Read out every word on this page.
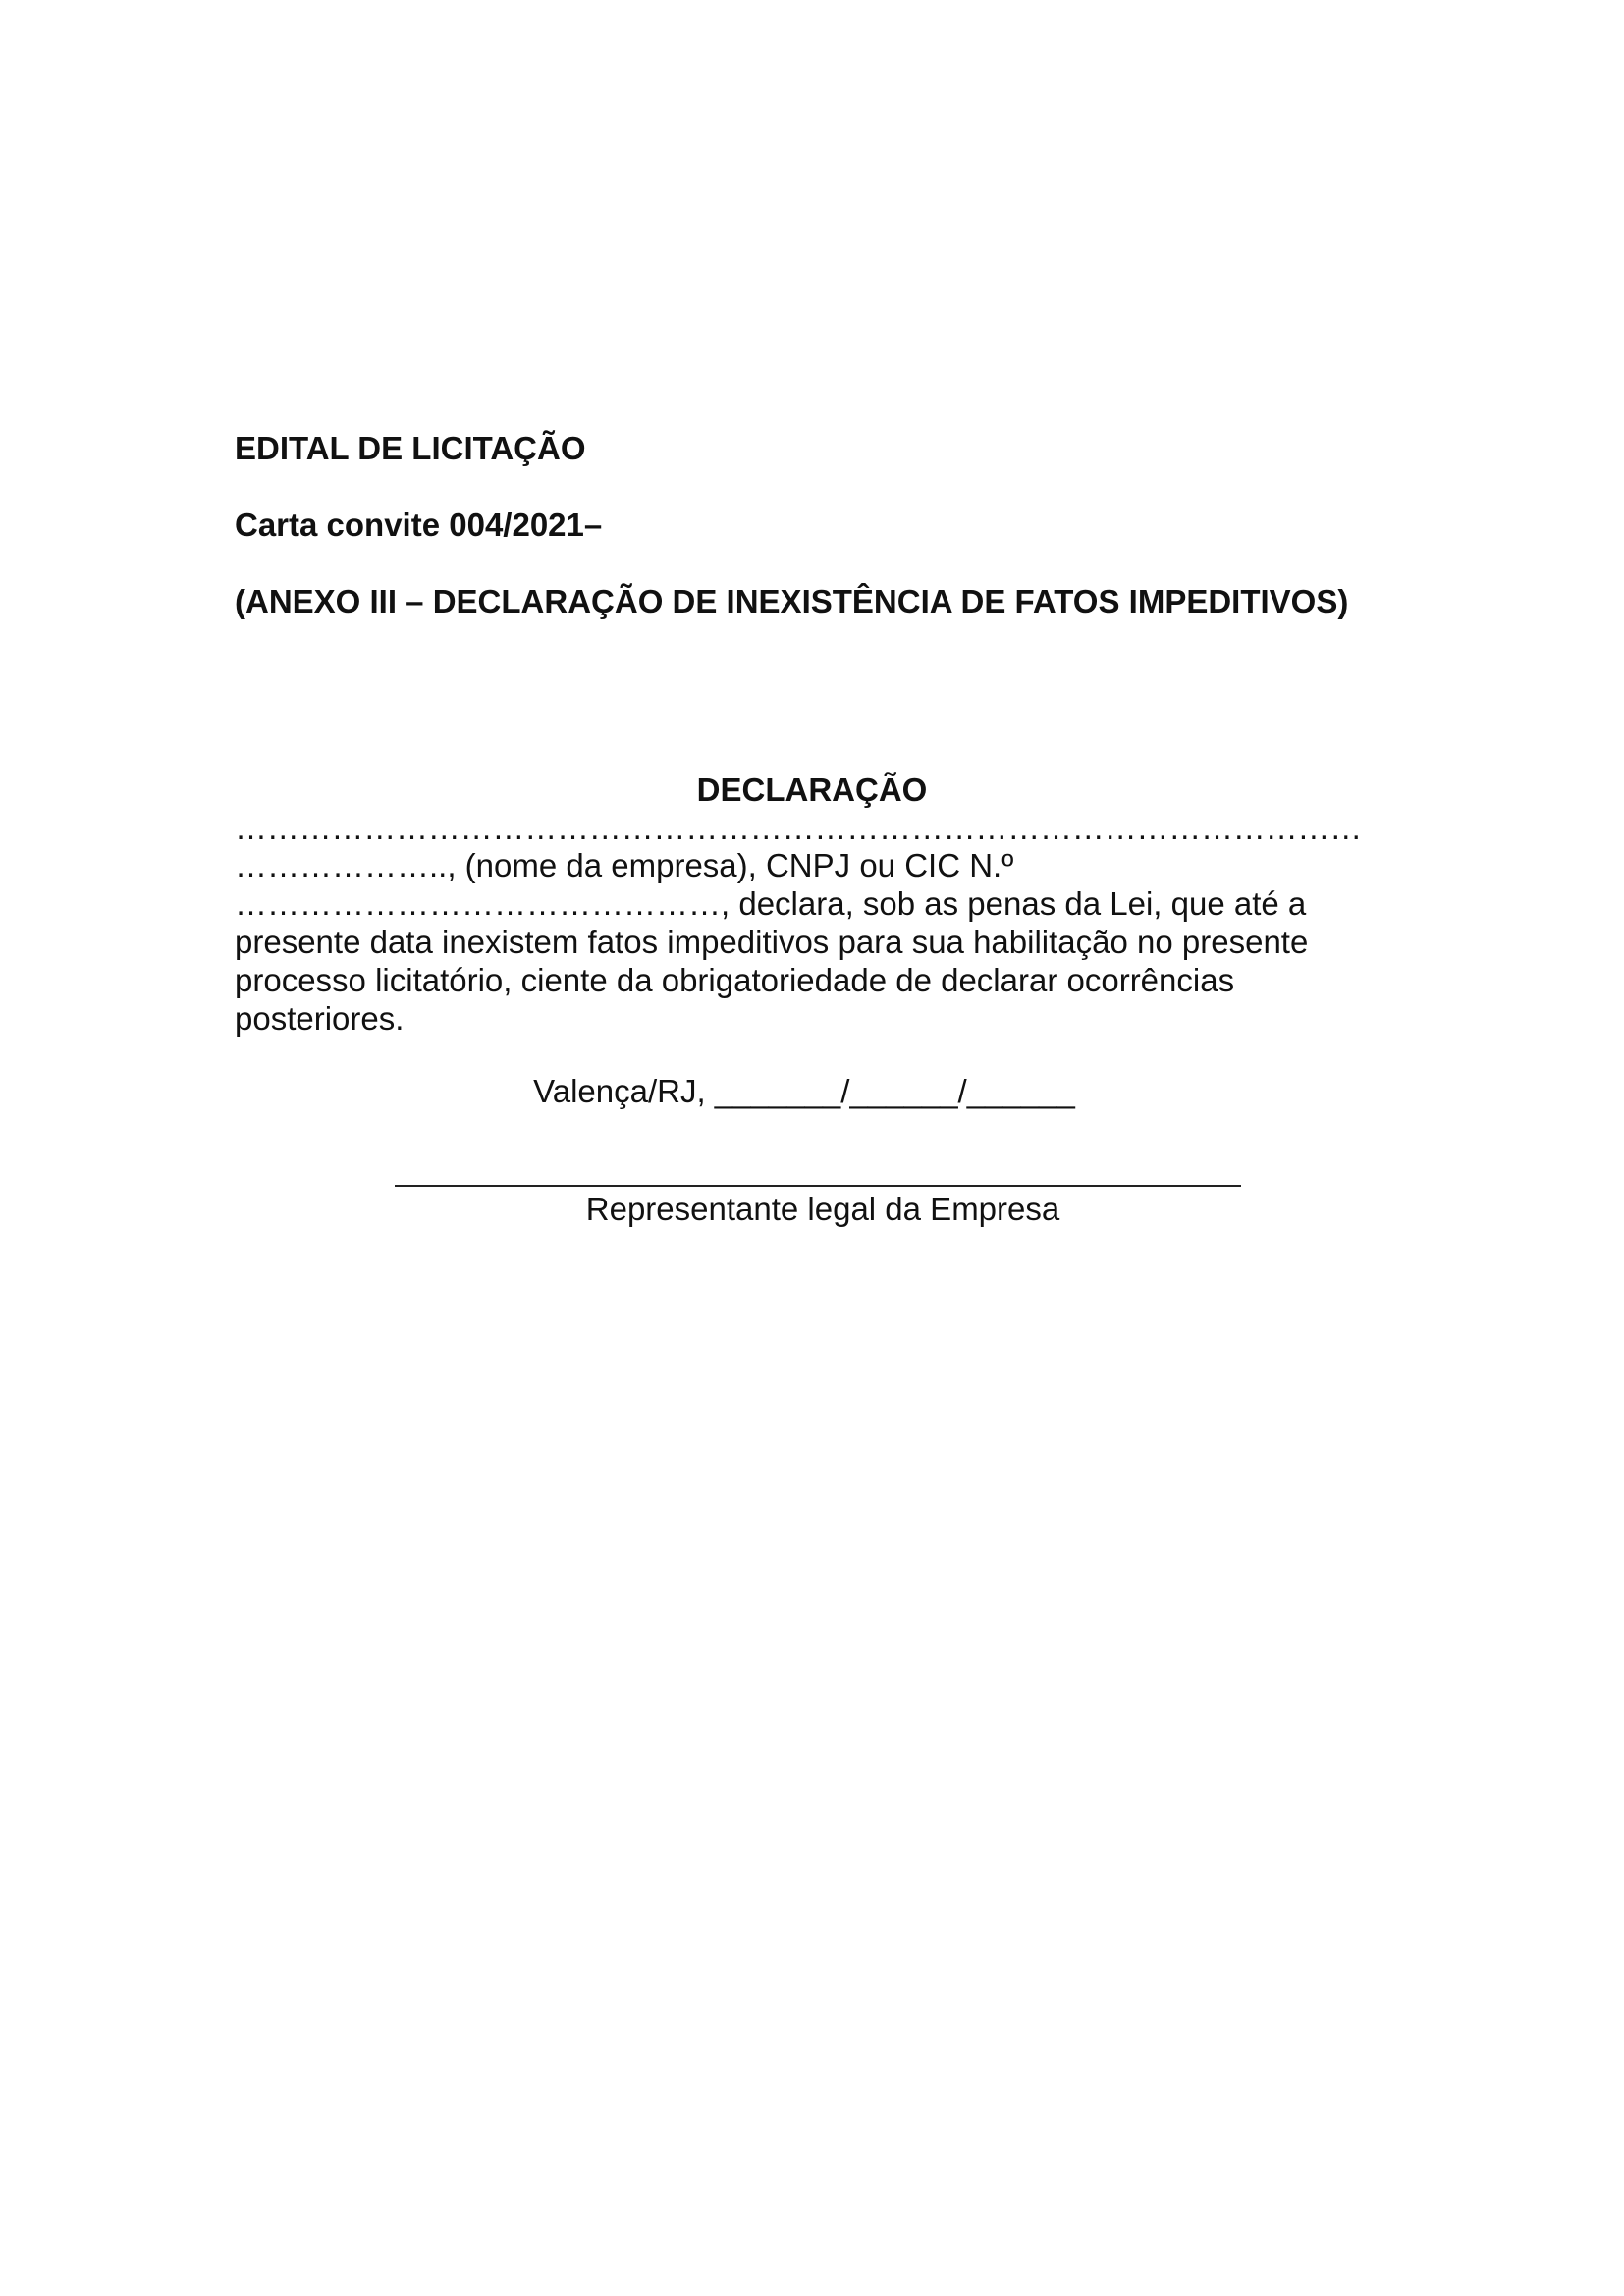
EDITAL DE LICITAÇÃO

Carta convite 004/2021–

(ANEXO III – DECLARAÇÃO DE INEXISTÊNCIA DE FATOS IMPEDITIVOS)

DECLARAÇÃO

……………………………………………………………………………………………

……………….., (nome da empresa), CNPJ ou CIC N.º

………………………………………, declara, sob as penas da Lei, que até a

presente data inexistem fatos impeditivos para sua habilitação no presente

processo licitatório, ciente da obrigatoriedade de declarar ocorrências

posteriores.

Valença/RJ, _______/______/______

Representante legal da Empresa
